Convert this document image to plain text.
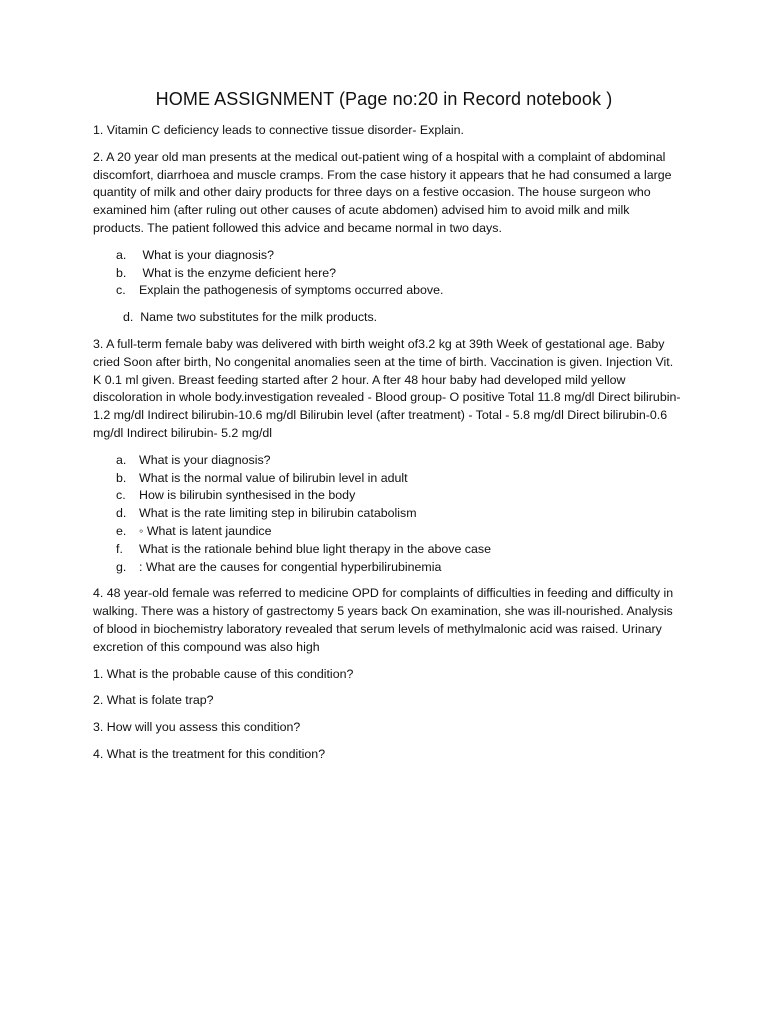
HOME ASSIGNMENT (Page no:20 in Record notebook )

1. Vitamin C deficiency leads to connective tissue disorder- Explain.

2. A 20 year old man presents at the medical out-patient wing of a hospital with a complaint of abdominal discomfort, diarrhoea and muscle cramps. From the case history it appears that he had consumed a large quantity of milk and other dairy products for three days on a festive occasion. The house surgeon who examined him (after ruling out other causes of acute abdomen) advised him to avoid milk and milk products. The patient followed this advice and became normal in two days.

a. What is your diagnosis?
b. What is the enzyme deficient here?
c. Explain the pathogenesis of symptoms occurred above.

d.  Name two substitutes for the milk products.

3. A full-term female baby was delivered with birth weight of3.2 kg at 39th Week of gestational age. Baby cried Soon after birth, No congenital anomalies seen at the time of birth. Vaccination is given. Injection Vit. K 0.1 ml given. Breast feeding started after 2 hour. A fter 48 hour baby had developed mild yellow discoloration in whole body.investigation revealed - Blood group- O positive Total 11.8 mg/dl Direct bilirubin- 1.2 mg/dl Indirect bilirubin-10.6 mg/dl Bilirubin level (after treatment) - Total - 5.8 mg/dl Direct bilirubin-0.6 mg/dl Indirect bilirubin- 5.2 mg/dl

a. What is your diagnosis?
b. What is the normal value of bilirubin level in adult
c. How is bilirubin synthesised in the body
d. What is the rate limiting step in bilirubin catabolism
e. ◦ What is latent jaundice
f. What is the rationale behind blue light therapy in the above case
g. : What are the causes for congential hyperbilirubinemia

4. 48 year-old female was referred to medicine OPD for complaints of difficulties in feeding and difficulty in walking. There was a history of gastrectomy 5 years back On examination, she was ill-nourished. Analysis of blood in biochemistry laboratory revealed that serum levels of methylmalonic acid was raised. Urinary excretion of this compound was also high

1. What is the probable cause of this condition?

2. What is folate trap?

3. How will you assess this condition?

4. What is the treatment for this condition?
